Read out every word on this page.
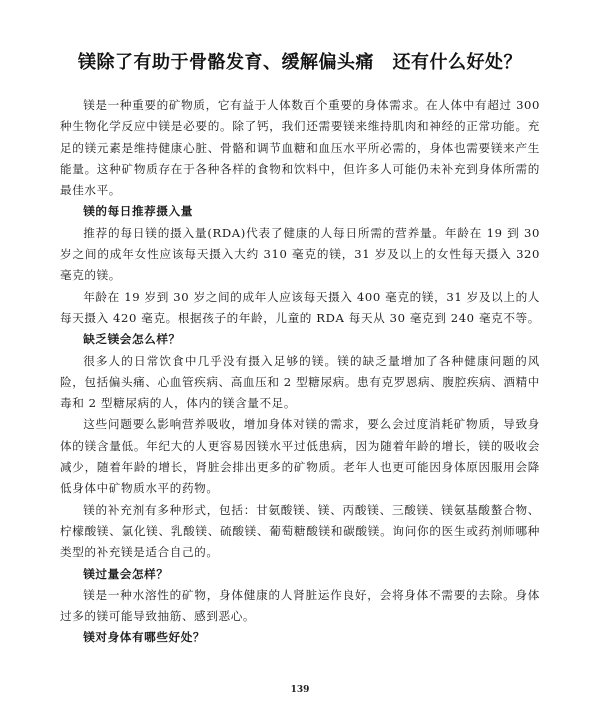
镁除了有助于骨骼发育、缓解偏头痛　还有什么好处？

镁是一种重要的矿物质，它有益于人体数百个重要的身体需求。在人体中有超过 300 种生物化学反应中镁是必要的。除了钙，我们还需要镁来维持肌肉和神经的正常功能。充足的镁元素是维持健康心脏、骨骼和调节血糖和血压水平所必需的，身体也需要镁来产生能量。这种矿物质存在于各种各样的食物和饮料中，但许多人可能仍未补充到身体所需的最佳水平。

镁的每日推荐摄入量

推荐的每日镁的摄入量(RDA)代表了健康的人每日所需的营养量。年龄在 19 到 30 岁之间的成年女性应该每天摄入大约 310 毫克的镁，31 岁及以上的女性每天摄入 320 毫克的镁。

年龄在 19 岁到 30 岁之间的成年人应该每天摄入 400 毫克的镁，31 岁及以上的人每天摄入 420 毫克。根据孩子的年龄，儿童的 RDA 每天从 30 毫克到 240 毫克不等。

缺乏镁会怎么样？

很多人的日常饮食中几乎没有摄入足够的镁。镁的缺乏量增加了各种健康问题的风险，包括偏头痛、心血管疾病、高血压和 2 型糖尿病。患有克罗恩病、腹腔疾病、酒精中毒和 2 型糖尿病的人，体内的镁含量不足。

这些问题要么影响营养吸收，增加身体对镁的需求，要么会过度消耗矿物质，导致身体的镁含量低。年纪大的人更容易因镁水平过低患病，因为随着年龄的增长，镁的吸收会减少，随着年龄的增长，肾脏会排出更多的矿物质。老年人也更可能因身体原因服用会降低身体中矿物质水平的药物。

镁的补充剂有多种形式，包括：甘氨酸镁、镁、丙酸镁、三酸镁、镁氨基酸螯合物、柠檬酸镁、氯化镁、乳酸镁、硫酸镁、葡萄糖酸镁和碳酸镁。询问你的医生或药剂师哪种类型的补充镁是适合自己的。

镁过量会怎样？

镁是一种水溶性的矿物，身体健康的人肾脏运作良好，会将身体不需要的去除。身体过多的镁可能导致抽筋、感到恶心。

镁对身体有哪些好处？
139
